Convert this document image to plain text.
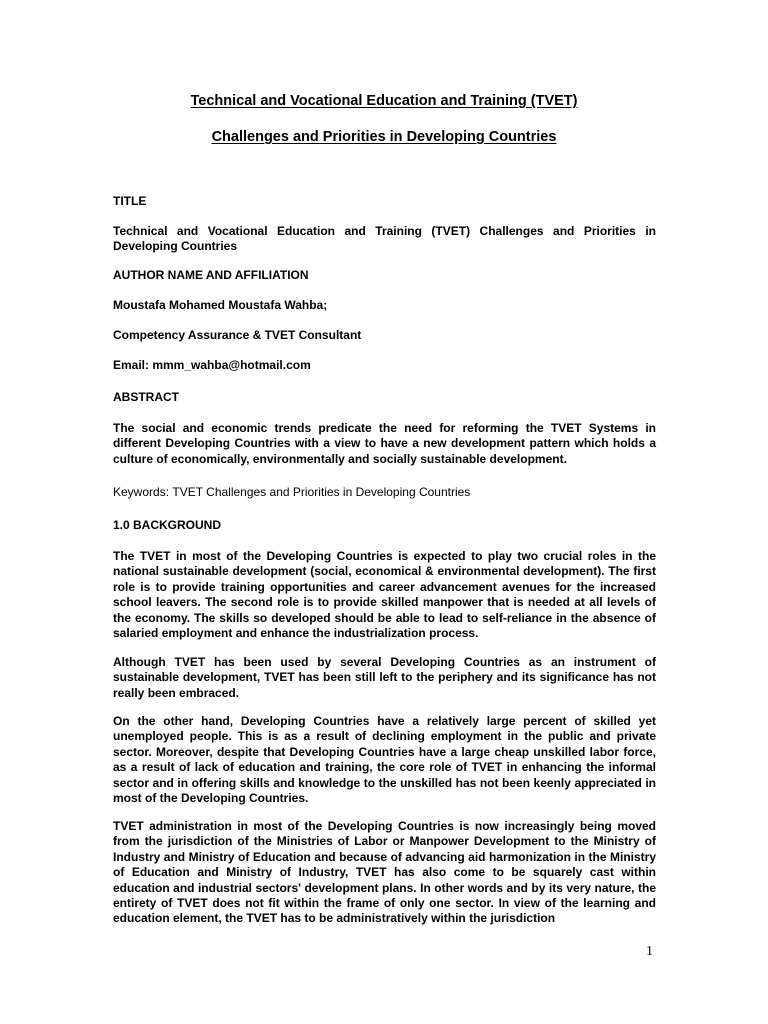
Technical and Vocational Education and Training (TVET)
Challenges and Priorities in Developing Countries

TITLE

Technical and Vocational Education and Training (TVET) Challenges and Priorities in Developing Countries

AUTHOR NAME AND AFFILIATION

Moustafa Mohamed Moustafa Wahba;

Competency Assurance & TVET Consultant

Email: mmm_wahba@hotmail.com

ABSTRACT

The social and economic trends predicate the need for reforming the TVET Systems in different Developing Countries with a view to have a new development pattern which holds a culture of economically, environmentally and socially sustainable development.

Keywords: TVET Challenges and Priorities in Developing Countries

1.0 BACKGROUND

The TVET in most of the Developing Countries is expected to play two crucial roles in the national sustainable development (social, economical & environmental development). The first role is to provide training opportunities and career advancement avenues for the increased school leavers. The second role is to provide skilled manpower that is needed at all levels of the economy. The skills so developed should be able to lead to self-reliance in the absence of salaried employment and enhance the industrialization process.

Although TVET has been used by several Developing Countries as an instrument of sustainable development, TVET has been still left to the periphery and its significance has not really been embraced.

On the other hand, Developing Countries have a relatively large percent of skilled yet unemployed people. This is as a result of declining employment in the public and private sector. Moreover, despite that Developing Countries have a large cheap unskilled labor force, as a result of lack of education and training, the core role of TVET in enhancing the informal sector and in offering skills and knowledge to the unskilled has not been keenly appreciated in most of the Developing Countries.

TVET administration in most of the Developing Countries is now increasingly being moved from the jurisdiction of the Ministries of Labor or Manpower Development to the Ministry of Industry and Ministry of Education and because of advancing aid harmonization in the Ministry of Education and Ministry of Industry, TVET has also come to be squarely cast within education and industrial sectors' development plans. In other words and by its very nature, the entirety of TVET does not fit within the frame of only one sector. In view of the learning and education element, the TVET has to be administratively within the jurisdiction

1
